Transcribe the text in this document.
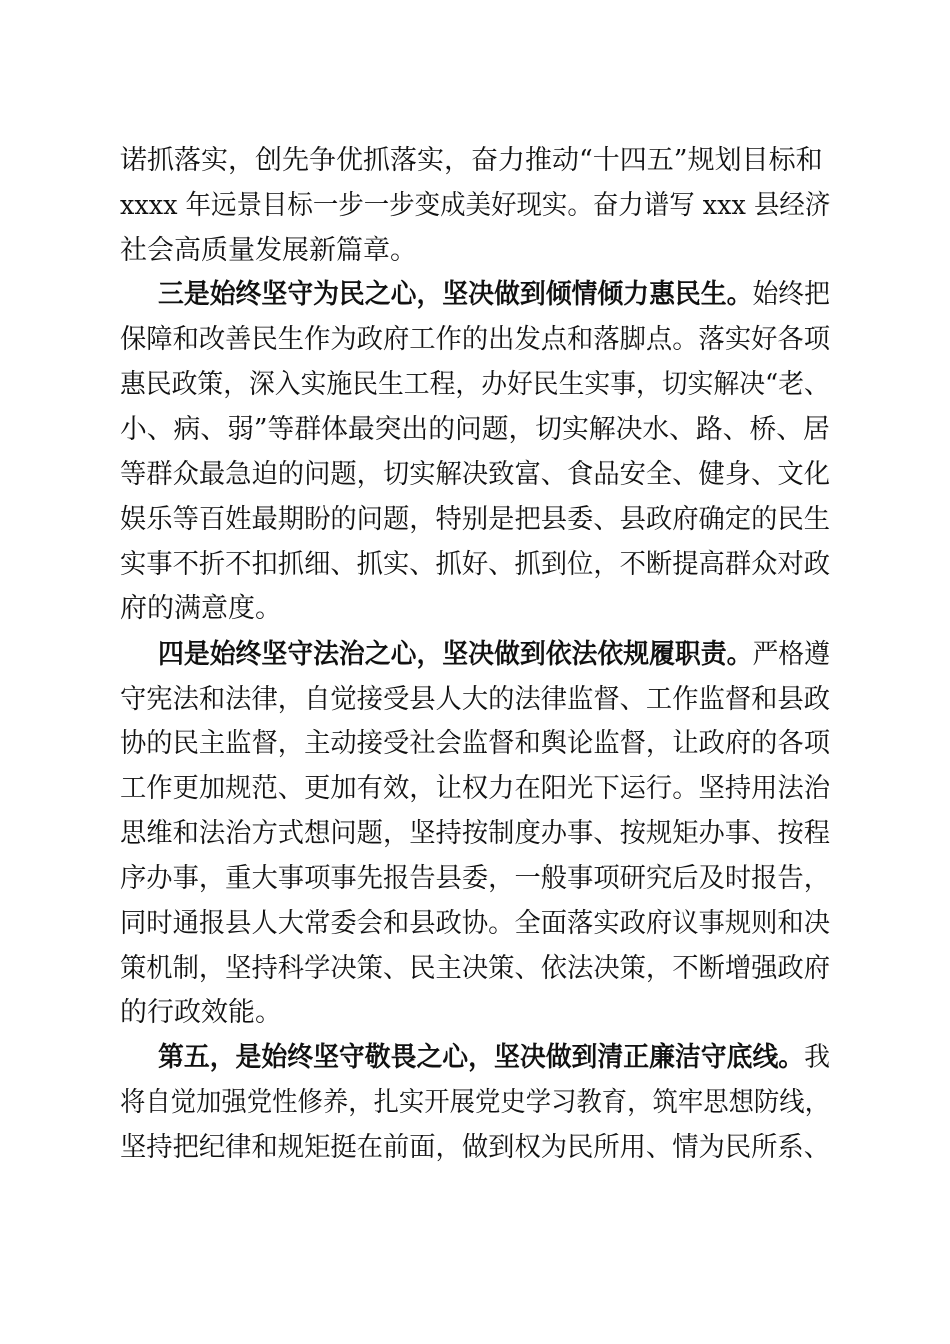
诺抓落实，创先争优抓落实，奋力推动“十四五”规划目标和
xxxx 年远景目标一步一步变成美好现实。奋力谱写 xxx 县经济
社会高质量发展新篇章。
三是始终坚守为民之心，坚决做到倾情倾力惠民生。始终把
保障和改善民生作为政府工作的出发点和落脚点。落实好各项
惠民政策，深入实施民生工程，办好民生实事，切实解决“老、
小、病、弱”等群体最突出的问题，切实解决水、路、桥、居
等群众最急迫的问题，切实解决致富、食品安全、健身、文化
娱乐等百姓最期盼的问题，特别是把县委、县政府确定的民生
实事不折不扣抓细、抓实、抓好、抓到位，不断提高群众对政
府的满意度。
四是始终坚守法治之心，坚决做到依法依规履职责。严格遵
守宪法和法律，自觉接受县人大的法律监督、工作监督和县政
协的民主监督，主动接受社会监督和舆论监督，让政府的各项
工作更加规范、更加有效，让权力在阳光下运行。坚持用法治
思维和法治方式想问题，坚持按制度办事、按规矩办事、按程
序办事，重大事项事先报告县委，一般事项研究后及时报告，
同时通报县人大常委会和县政协。全面落实政府议事规则和决
策机制，坚持科学决策、民主决策、依法决策，不断增强政府
的行政效能。
第五，是始终坚守敬畏之心，坚决做到清正廉洁守底线。我
将自觉加强党性修养，扎实开展党史学习教育，筑牢思想防线，
坚持把纪律和规矩挺在前面，做到权为民所用、情为民所系、
